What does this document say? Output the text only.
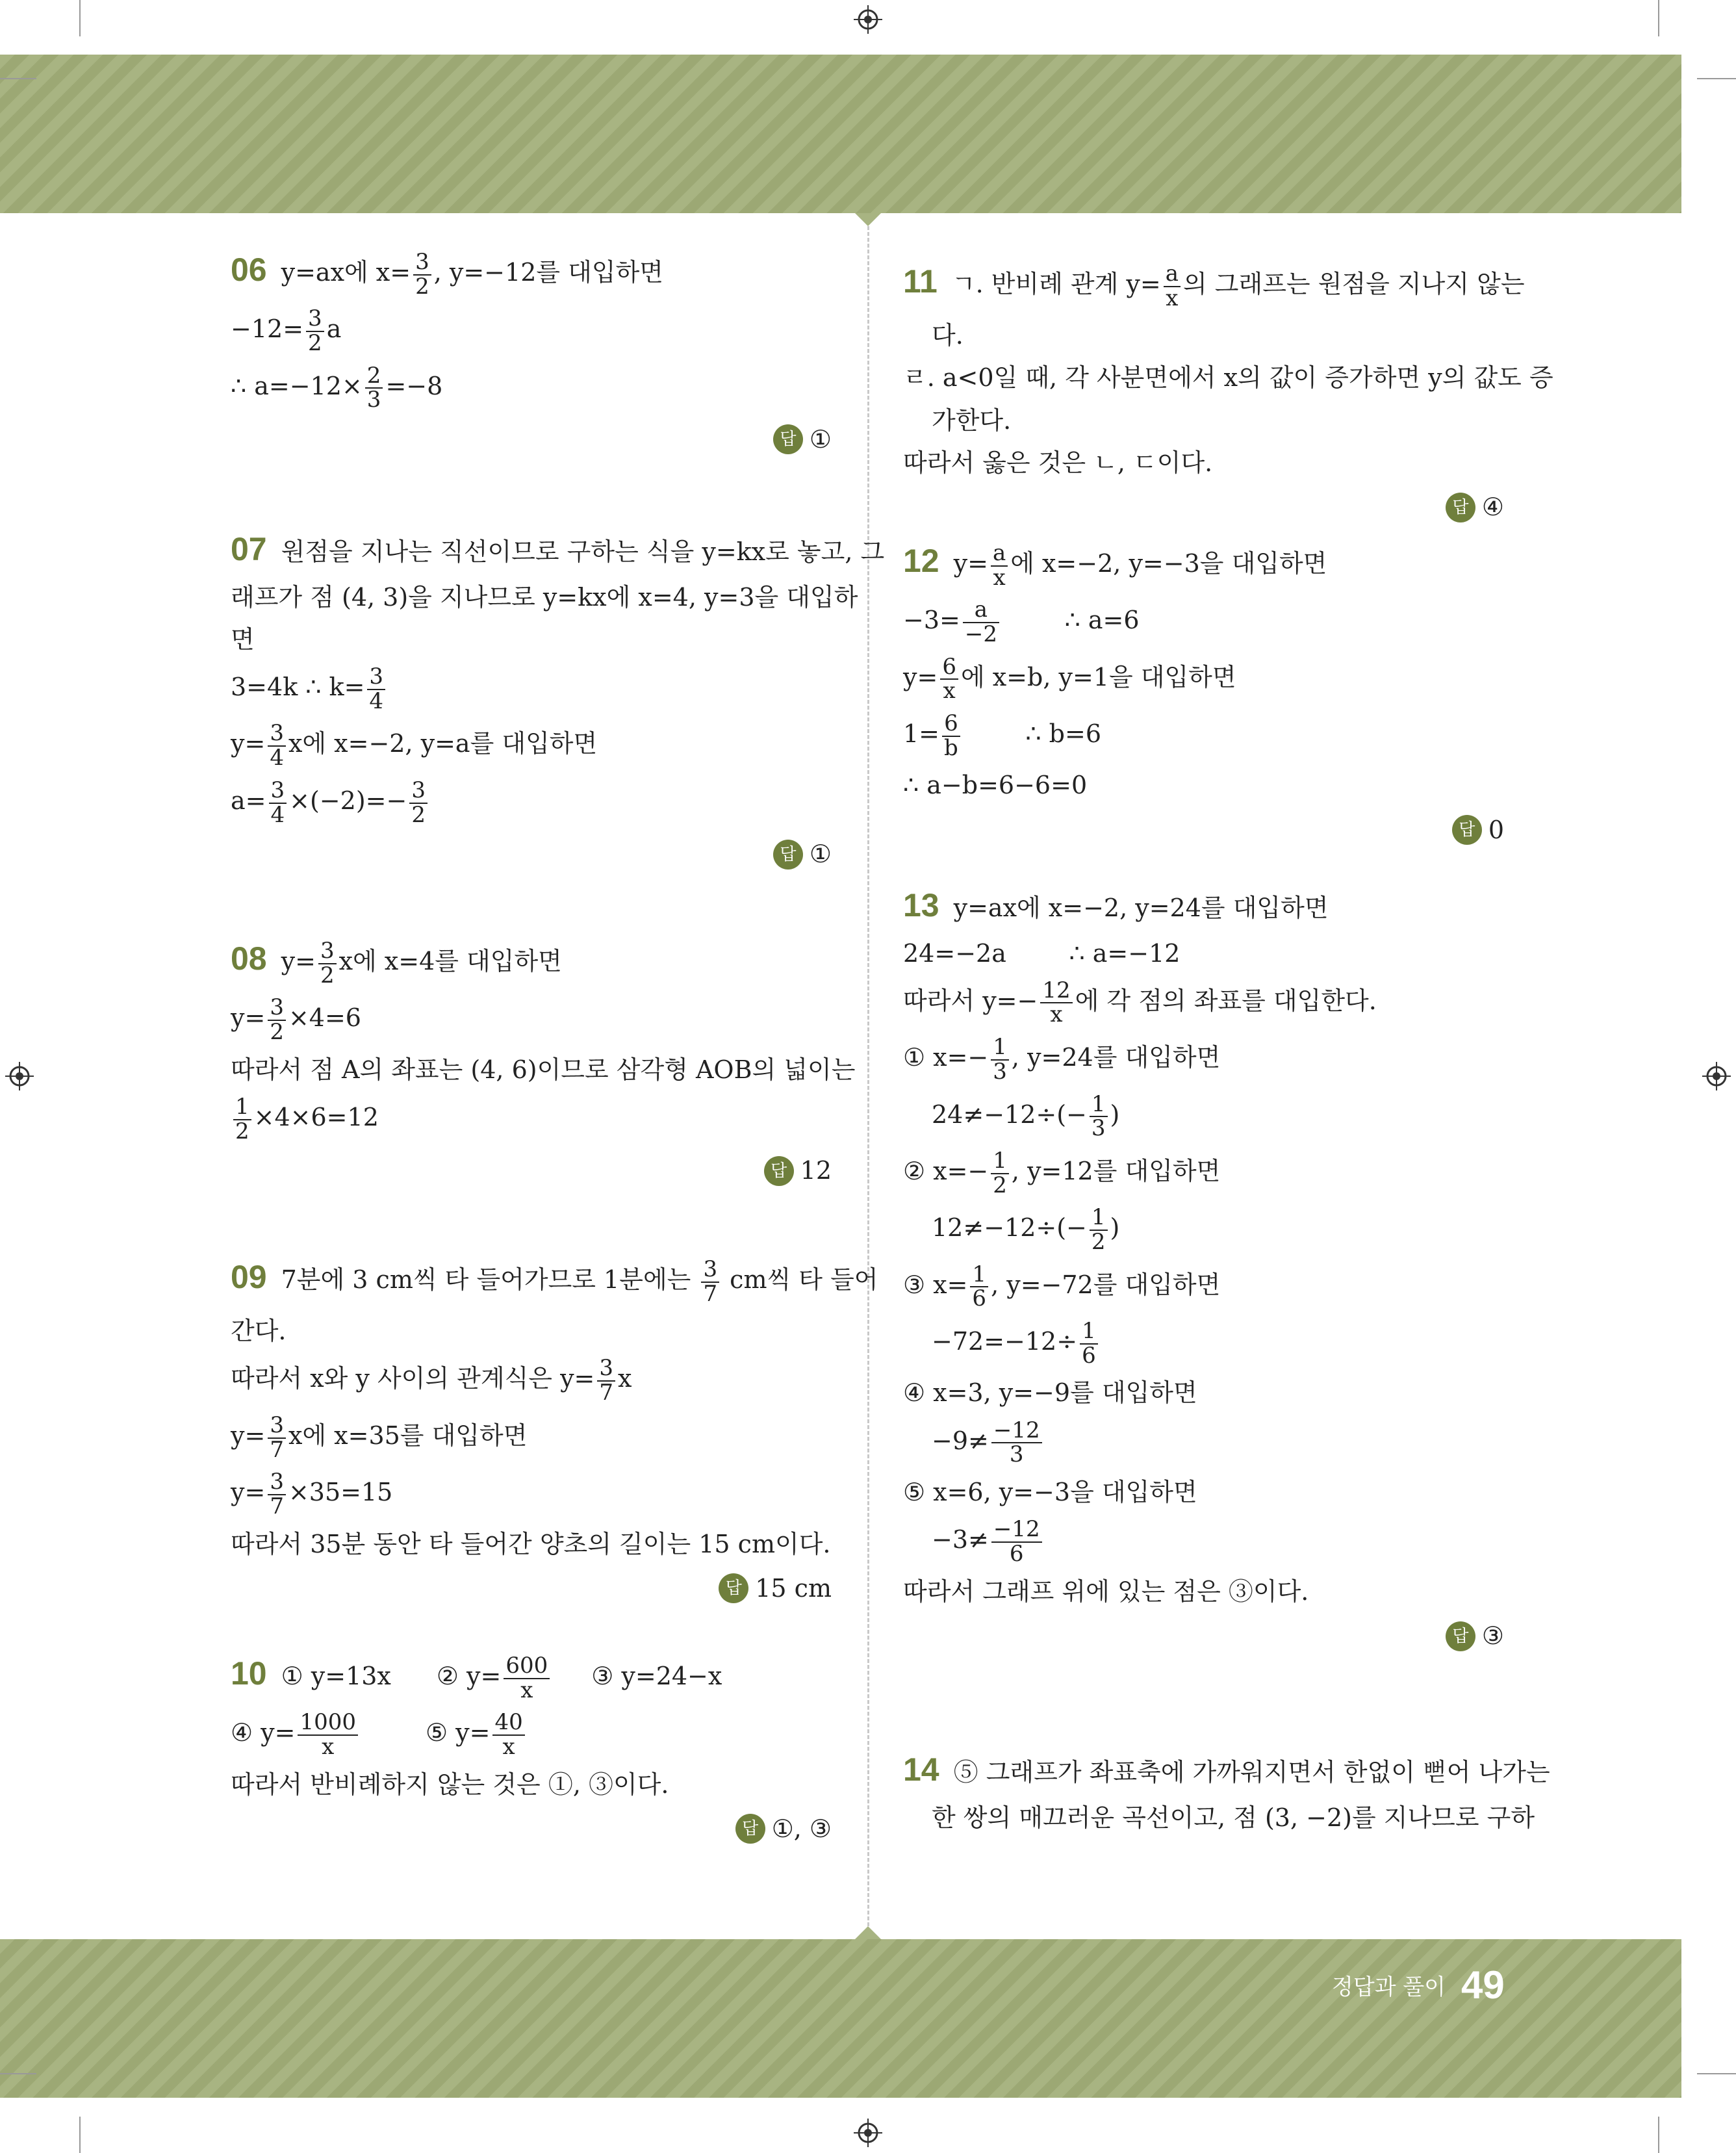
06 y=ax에 $x= \frac{3}{2}$ , y=−12를 대입하면
$-12= \frac{3}{2}$ a
∴ $a=-12\times \frac{2}{3} =-8$
답 ①
07 원점을 지나는 직선이므로 구하는 식을 y=kx로 놓고, 그
래프가 점 (4, 3)을 지나므로 y=kx에 x=4, y=3을 대입하
면
3=4k ∴ $k= \frac{3}{4}$
$y= \frac{3}{4}$ x에 x=−2, y=a를 대입하면
$a= \frac{3}{4} \times(-2)=- \frac{3}{2}$
답 ①
08 $y= \frac{3}{2}$ x에 x=4를 대입하면
$y= \frac{3}{2} \times 4=6$
따라서 점 A의 좌표는 (4, 6)이므로 삼각형 AOB의 넓이는
$\frac{1}{2} \times 4\times 6=12$
답 12
09 7분에 3 cm씩 타 들어가므로 1분에는 $\frac{3}{7}$ cm씩 타 들어
간다.
따라서 x와 y 사이의 관계식은 $y= \frac{3}{7}$ x
$y= \frac{3}{7}$ x에 x=35를 대입하면
$y= \frac{3}{7} \times 35=15$
따라서 35분 동안 타 들어간 양초의 길이는 15 cm이다.
답 15 cm
10 ① y=13x ② $y= \frac{600}{x}$ ③ y=24−x
④ $y= \frac{1000}{x}$	⑤ $y= \frac{40}{x}$
따라서 반비례하지 않는 것은 ①, ③이다.
답 ①, ③
11 ㄱ. 반비례 관계 $y= \frac{a}{x}$ 의 그래프는 원점을 지나지 않는
다.
ㄹ. a<0일 때, 각 사분면에서 x의 값이 증가하면 y의 값도 증
가한다.
따라서 옳은 것은 ㄴ, ㄷ이다.
답 ④
12 $y= \frac{a}{x}$ 에 x=−2, y=−3을 대입하면
$-3= \frac{a}{-2}$ ∴ a=6
$y= \frac{6}{x}$ 에 x=b, y=1을 대입하면
$1= \frac{6}{b}$ ∴ b=6
∴ a−b=6−6=0
답 0
13 y=ax에 x=−2, y=24를 대입하면
24=−2a        ∴ a=−12
따라서 $y=- \frac{12}{x}$ 에 각 점의 좌표를 대입한다.
① $x=- \frac{1}{3}$ , y=24를 대입하면
$24\ne-12\div(- \frac{1}{3}$ )
② $x=- \frac{1}{2}$ , y=12를 대입하면
$12\ne-12\div(- \frac{1}{2}$ )
③ $x= \frac{1}{6}$ , y=−72를 대입하면
$-72=-12\div \frac{1}{6}$
④ x=3, y=−9를 대입하면
$-9\ne \frac{-12}{3}$
⑤ x=6, y=−3을 대입하면
$-3\ne \frac{-12}{6}$
따라서 그래프 위에 있는 점은 ③이다.
답 ③
14 ⑤ 그래프가 좌표축에 가까워지면서 한없이 뻗어 나가는
한 쌍의 매끄러운 곡선이고, 점 (3, −2)를 지나므로 구하
정답과 풀이 49
